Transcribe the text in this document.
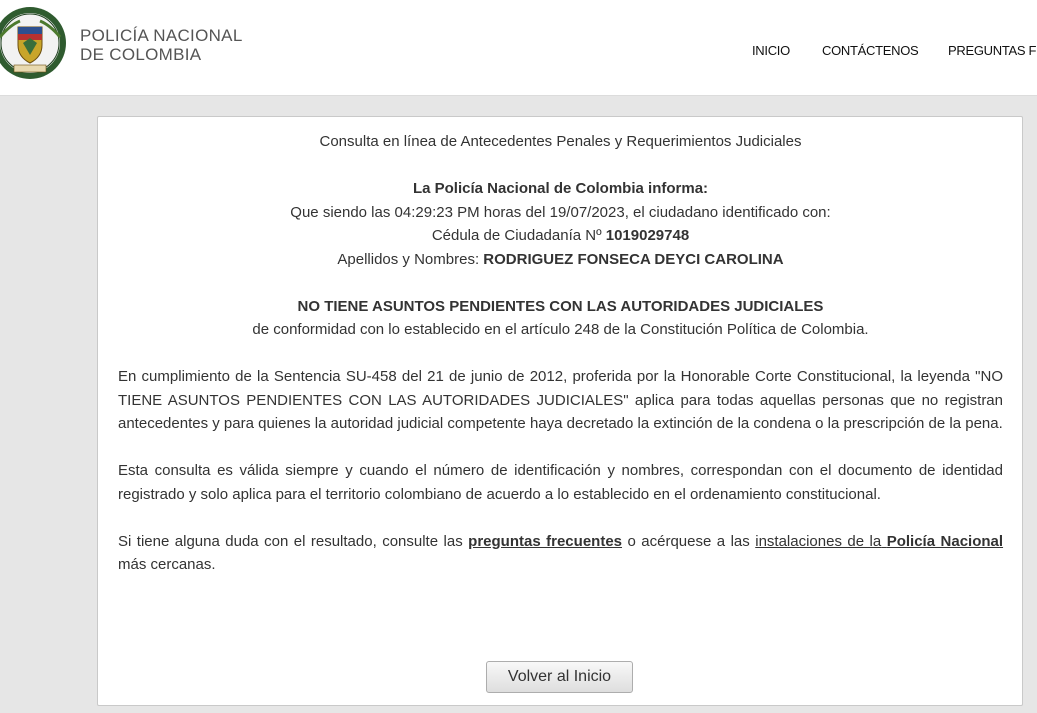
POLICÍA NACIONAL
DE COLOMBIA	INICIO CONTÁCTENOS PREGUNTAS F
Consulta en línea de Antecedentes Penales y Requerimientos Judiciales
La Policía Nacional de Colombia informa:
Que siendo las 04:29:23 PM horas del 19/07/2023, el ciudadano identificado con:
Cédula de Ciudadanía Nº 1019029748
Apellidos y Nombres: RODRIGUEZ FONSECA DEYCI CAROLINA
NO TIENE ASUNTOS PENDIENTES CON LAS AUTORIDADES JUDICIALES
de conformidad con lo establecido en el artículo 248 de la Constitución Política de Colombia.
En cumplimiento de la Sentencia SU-458 del 21 de junio de 2012, proferida por la Honorable Corte Constitucional, la leyenda "NO TIENE ASUNTOS PENDIENTES CON LAS AUTORIDADES JUDICIALES" aplica para todas aquellas personas que no registran antecedentes y para quienes la autoridad judicial competente haya decretado la extinción de la condena o la prescripción de la pena.
Esta consulta es válida siempre y cuando el número de identificación y nombres, correspondan con el documento de identidad registrado y solo aplica para el territorio colombiano de acuerdo a lo establecido en el ordenamiento constitucional.
Si tiene alguna duda con el resultado, consulte las preguntas frecuentes o acérquese a las instalaciones de la Policía Nacional más cercanas.
Volver al Inicio
